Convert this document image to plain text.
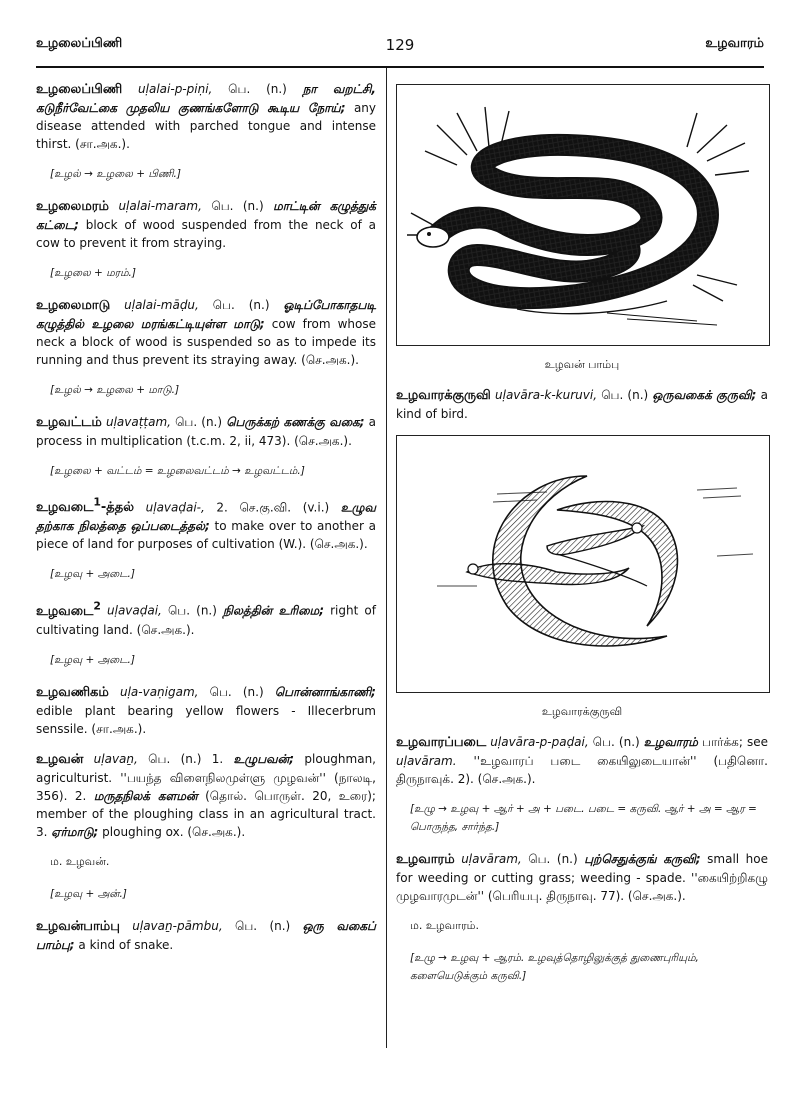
உழலைப்பிணி	129	உழவாரம்
உழலைப்பிணி uḷalai-p-piṇi, பெ. (n.) நா வறட்சி, கடுநீர்வேட்கை முதலிய குணங்களோடு கூடிய நோய்; any disease attended with parched tongue and intense thirst. (சா.அக.).
[உழல் → உழலை + பிணி.]
உழலைமரம் uḷalai-maram, பெ. (n.) மாட்டின் கழுத்துக் கட்டை; block of wood suspended from the neck of a cow to prevent it from straying.
[உழலை + மரம்.]
உழலைமாடு uḷalai-māḍu, பெ. (n.) ஓடிப்போகாதபடி கழுத்தில் உழலை மரங்கட்டியுள்ள மாடு; cow from whose neck a block of wood is suspended so as to impede its running and thus prevent its straying away. (செ.அக.).
[உழல் → உழலை + மாடு.]
உழவட்டம் uḷavaṭṭam, பெ. (n.) பெருக்கற் கணக்கு வகை; a process in multiplication (t.c.m. 2, ii, 473). (செ.அக.).
[உழலை + வட்டம் = உழலைவட்டம் → உழவட்டம்.]
உழவடை$^1$-த்தல் uḷavaḍai-, 2. செ.கு.வி. (v.i.) உழுவ தற்காக நிலத்தை ஒப்படைத்தல்; to make over to another a piece of land for purposes of cultivation (W.). (செ.அக.).
[உழவு + அடை.]
உழவடை$^2$ uḷavaḍai, பெ. (n.) நிலத்தின் உரிமை; right of cultivating land. (செ.அக.).
[உழவு + அடை.]
உழவணிகம் uḷa-vaṇigam, பெ. (n.) பொன்னாங்காணி; edible plant bearing yellow flowers - Illecerbrum senssile. (சா.அக.).
உழவன் uḷavaṉ, பெ. (n.) 1. உழுபவன்; ploughman, agriculturist. ''பயந்த விளைநிலமுள்ளு முழவன்'' (நாலடி, 356). 2. மருதநிலக் களமன் (தொல். பொருள். 20, உரை); member of the ploughing class in an agricultural tract. 3. ஏர்மாடு; ploughing ox. (செ.அக.).
ம. உழவன்.
[உழவு + அன்.]
உழவன்பாம்பு uḷavaṉ-pāmbu, பெ. (n.) ஒரு வகைப் பாம்பு; a kind of snake.
உழவன் பாம்பு
உழவாரக்குருவி uḷavāra-k-kuruvi, பெ. (n.) ஒருவகைக் குருவி; a kind of bird.
உழவாரக்குருவி
உழவாரப்படை uḷavāra-p-paḍai, பெ. (n.) உழவாரம் பார்க்க; see uḷavāram. ''உழவாரப் படை கையிலுடையான்'' (பதினொ. திருநாவுக். 2). (செ.அக.).
[உழு → உழவு + ஆர் + அ + படை. படை = கருவி. ஆர் + அ = ஆர = பொருந்த, சார்ந்த.]
உழவாரம் uḷavāram, பெ. (n.) புற்செதுக்குங் கருவி; small hoe for weeding or cutting grass; weeding - spade. ''கையிற்றிகழு முழவாரமுடன்'' (பெரியபு. திருநாவு. 77). (செ.அக.).
ம. உழவாரம்.
[உழு → உழவு + ஆரம். உழவுத்தொழிலுக்குத் துணைபுரியும், களையெடுக்கும் கருவி.]
